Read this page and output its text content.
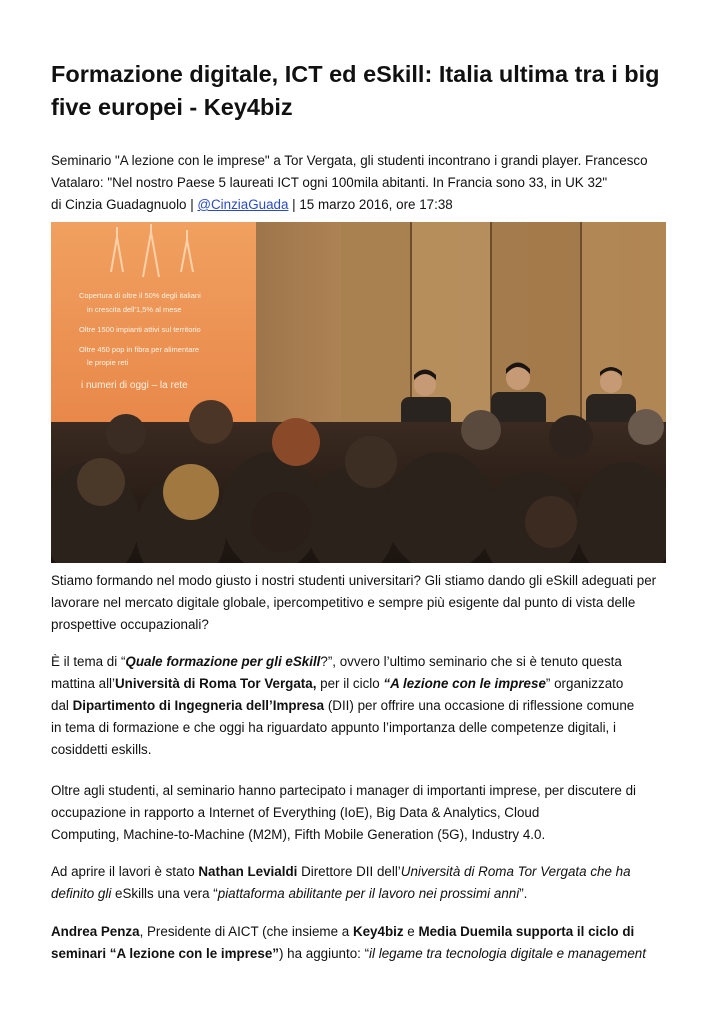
Formazione digitale, ICT ed eSkill: Italia ultima tra i big
five europei - Key4biz
Seminario "A lezione con le imprese" a Tor Vergata, gli studenti incontrano i grandi player. Francesco
Vatalaro: "Nel nostro Paese 5 laureati ICT ogni 100mila abitanti. In Francia sono 33, in UK 32"
di Cinzia Guadagnuolo | @CinziaGuada | 15 marzo 2016, ore 17:38
Copertura di oltre il 50% degli italiani
in crescita dell'1,5% al mese
Oltre 1500 impianti attivi sul territorio
Oltre 450 pop in fibra per alimentare
le propie reti
i numeri di oggi – la rete

Stiamo formando nel modo giusto i nostri studenti universitari? Gli stiamo dando gli eSkill adeguati per
lavorare nel mercato digitale globale, ipercompetitivo e sempre più esigente dal punto di vista delle
prospettive occupazionali?

È il tema di “Quale formazione per gli eSkill?”, ovvero l’ultimo seminario che si è tenuto questa
mattina all’Università di Roma Tor Vergata, per il ciclo “A lezione con le imprese” organizzato
dal Dipartimento di Ingegneria dell’Impresa (DII) per offrire una occasione di riflessione comune
in tema di formazione e che oggi ha riguardato appunto l’importanza delle competenze digitali, i
cosiddetti eskills.

Oltre agli studenti, al seminario hanno partecipato i manager di importanti imprese, per discutere di
occupazione in rapporto a Internet of Everything (IoE), Big Data & Analytics, Cloud
Computing, Machine-to-Machine (M2M), Fifth Mobile Generation (5G), Industry 4.0.

Ad aprire il lavori è stato Nathan Levialdi Direttore DII dell’Università di Roma Tor Vergata che ha
definito gli eSkills una vera “piattaforma abilitante per il lavoro nei prossimi anni”.

Andrea Penza, Presidente di AICT (che insieme a Key4biz e Media Duemila supporta il ciclo di
seminari “A lezione con le imprese”) ha aggiunto: “il legame tra tecnologia digitale e management
